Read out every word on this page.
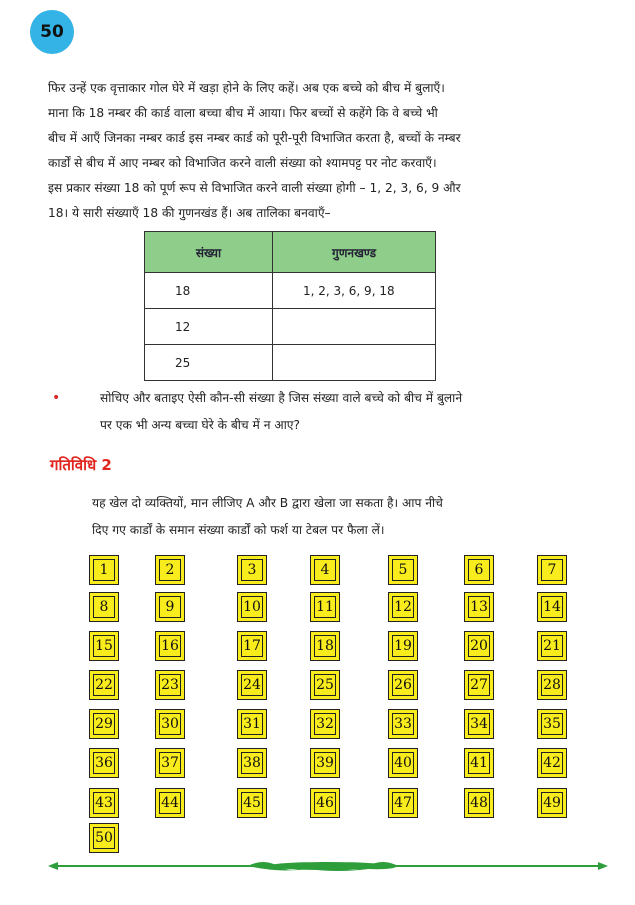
50

फिर उन्हें एक वृत्ताकार गोल घेरे में खड़ा होने के लिए कहें। अब एक बच्चे को बीच में बुलाएँ।

माना कि 18 नम्बर की कार्ड वाला बच्चा बीच में आया। फिर बच्चों से कहेंगे कि वे बच्चे भी

बीच में आएँ जिनका नम्बर कार्ड इस नम्बर कार्ड को पूरी-पूरी विभाजित करता है, बच्चों के नम्बर

कार्डों से बीच में आए नम्बर को विभाजित करने वाली संख्या को श्यामपट्ट पर नोट करवाएँ।

इस प्रकार संख्या 18 को पूर्ण रूप से विभाजित करने वाली संख्या होगी – 1, 2, 3, 6, 9 और

18। ये सारी संख्याएँ 18 की गुणनखंड हैं। अब तालिका बनवाएँ–

संख्या	गुणनखण्ड
18	1, 2, 3, 6, 9, 18
12	
25	
•	सोचिए और बताइए ऐसी कौन-सी संख्या है जिस संख्या वाले बच्चे को बीच में बुलाने
पर एक भी अन्य बच्चा घेरे के बीच में न आए?
गतिविधि 2
यह खेल दो व्यक्तियों, मान लीजिए A और B द्वारा खेला जा सकता है। आप नीचे
दिए गए कार्डों के समान संख्या कार्डों को फर्श या टेबल पर फैला लें।
1	2	3	4	5	6	7
8	9	10	11	12	13	14
15	16	17	18	19	20	21
22	23	24	25	26	27	28
29	30	31	32	33	34	35
36	37	38	39	40	41	42
43	44	45	46	47	48	49
50
